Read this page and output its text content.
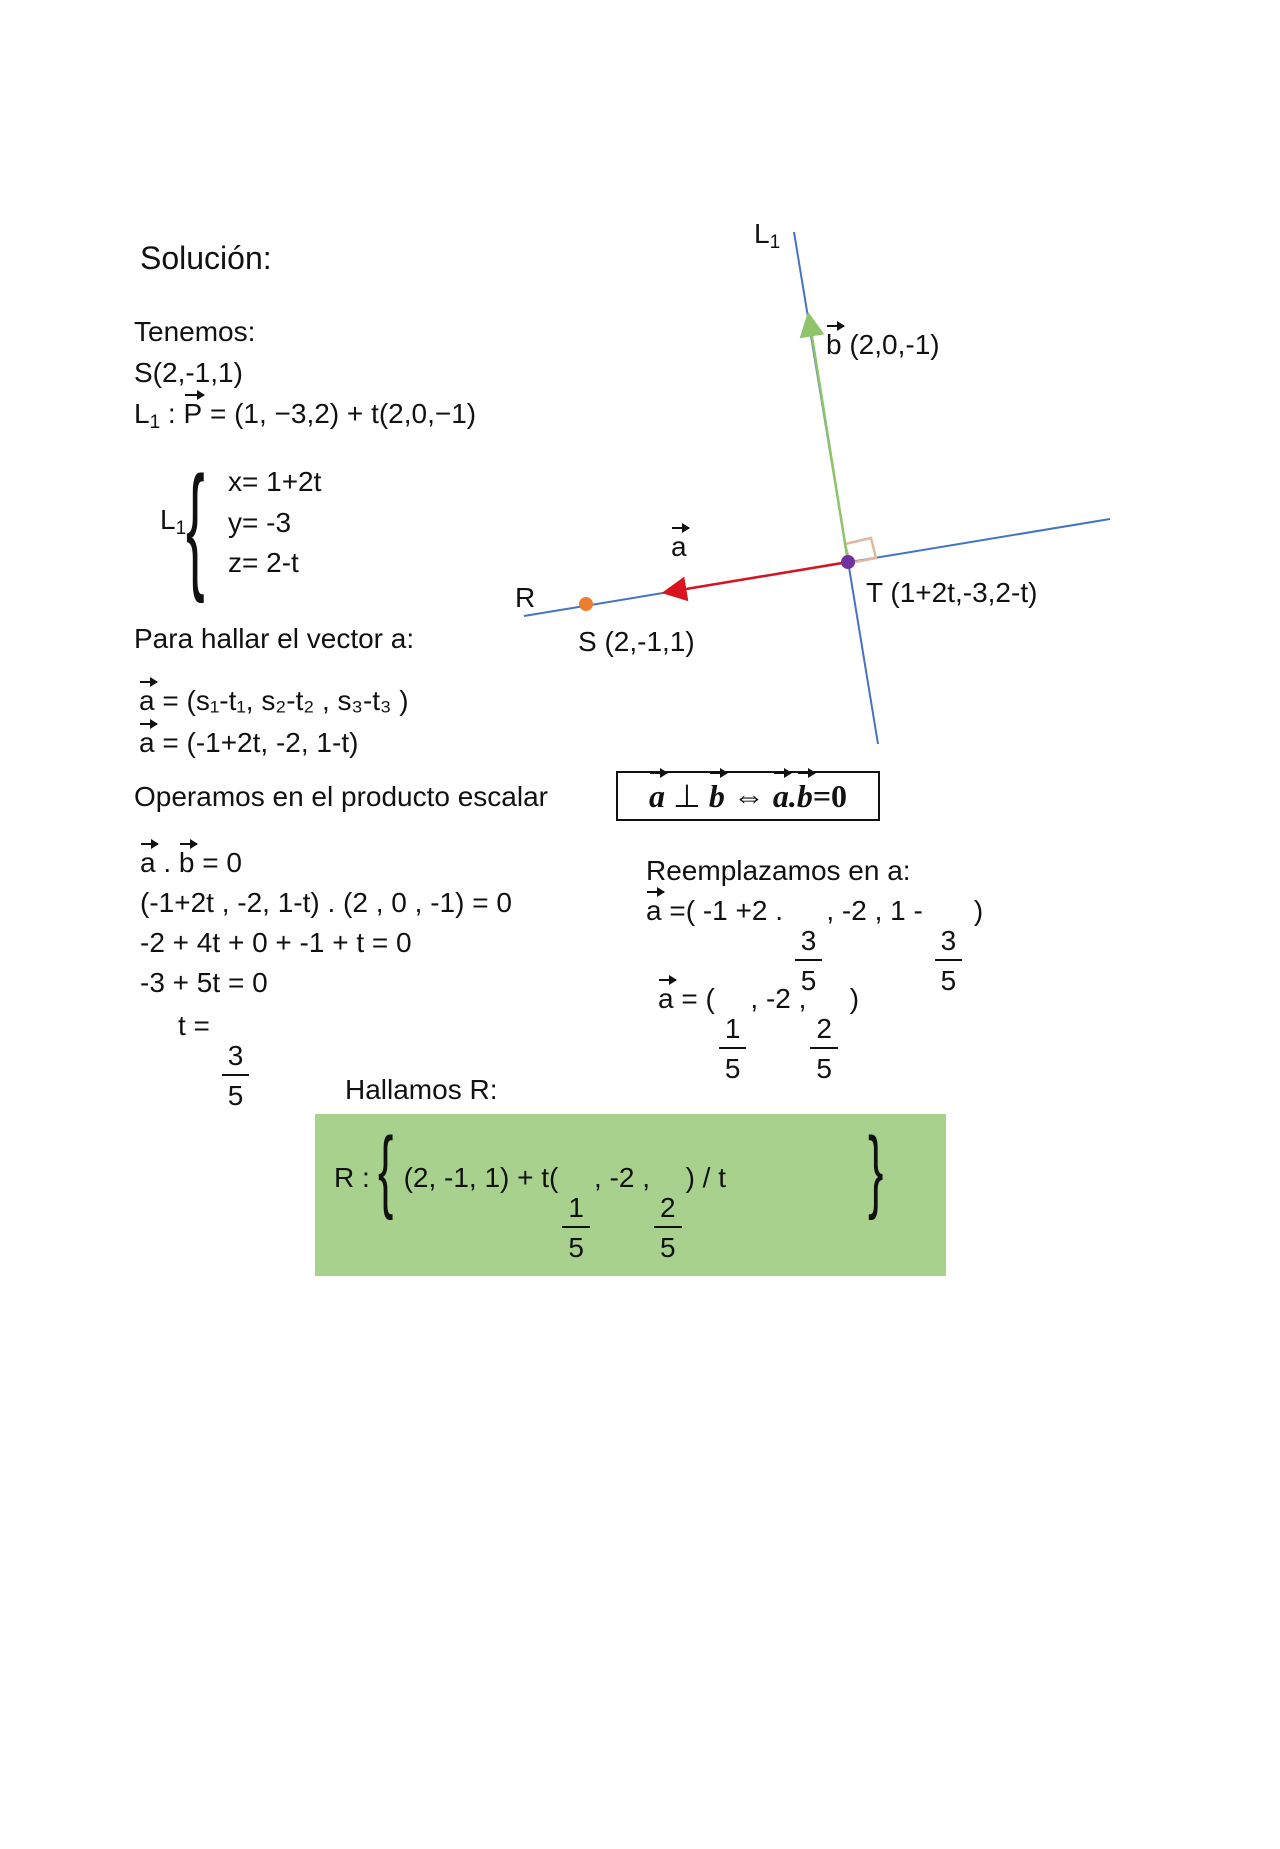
Solución:
Tenemos:
S(2,-1,1)
$L_1$ : P = (1, −3,2) + t(2,0,−1)
$L_1$ { x= 1+2t
y= -3
z= 2-t
Para hallar el vector a:
a = (s₁-t₁, s₂-t₂ , s₃-t₃ )
a = (-1+2t, -2, 1-t)
Operamos en el producto escalar	a ⊥ b ⇔ a.b=0
a . b = 0
(-1+2t , -2, 1-t) . (2 , 0 , -1) = 0
-2 + 4t + 0 + -1 + t = 0
-3 + 5t = 0
t =
$\frac{3}{5}$
Reemplazamos en a:
a =( -1 +2 .
$\frac{3}{5}$
, -2 , 1 -
$\frac{3}{5}$
)
a = (
$\frac{1}{5}$
, -2 ,
$\frac{2}{5}$
)
Hallamos R:
R : (2, -1, 1) + t(
$\frac{1}{5}$
, -2 ,
$\frac{2}{5}$
) / t
{	}
$L_1$
b (2,0,-1)
a
R
S (2,-1,1)
T (1+2t,-3,2-t)
